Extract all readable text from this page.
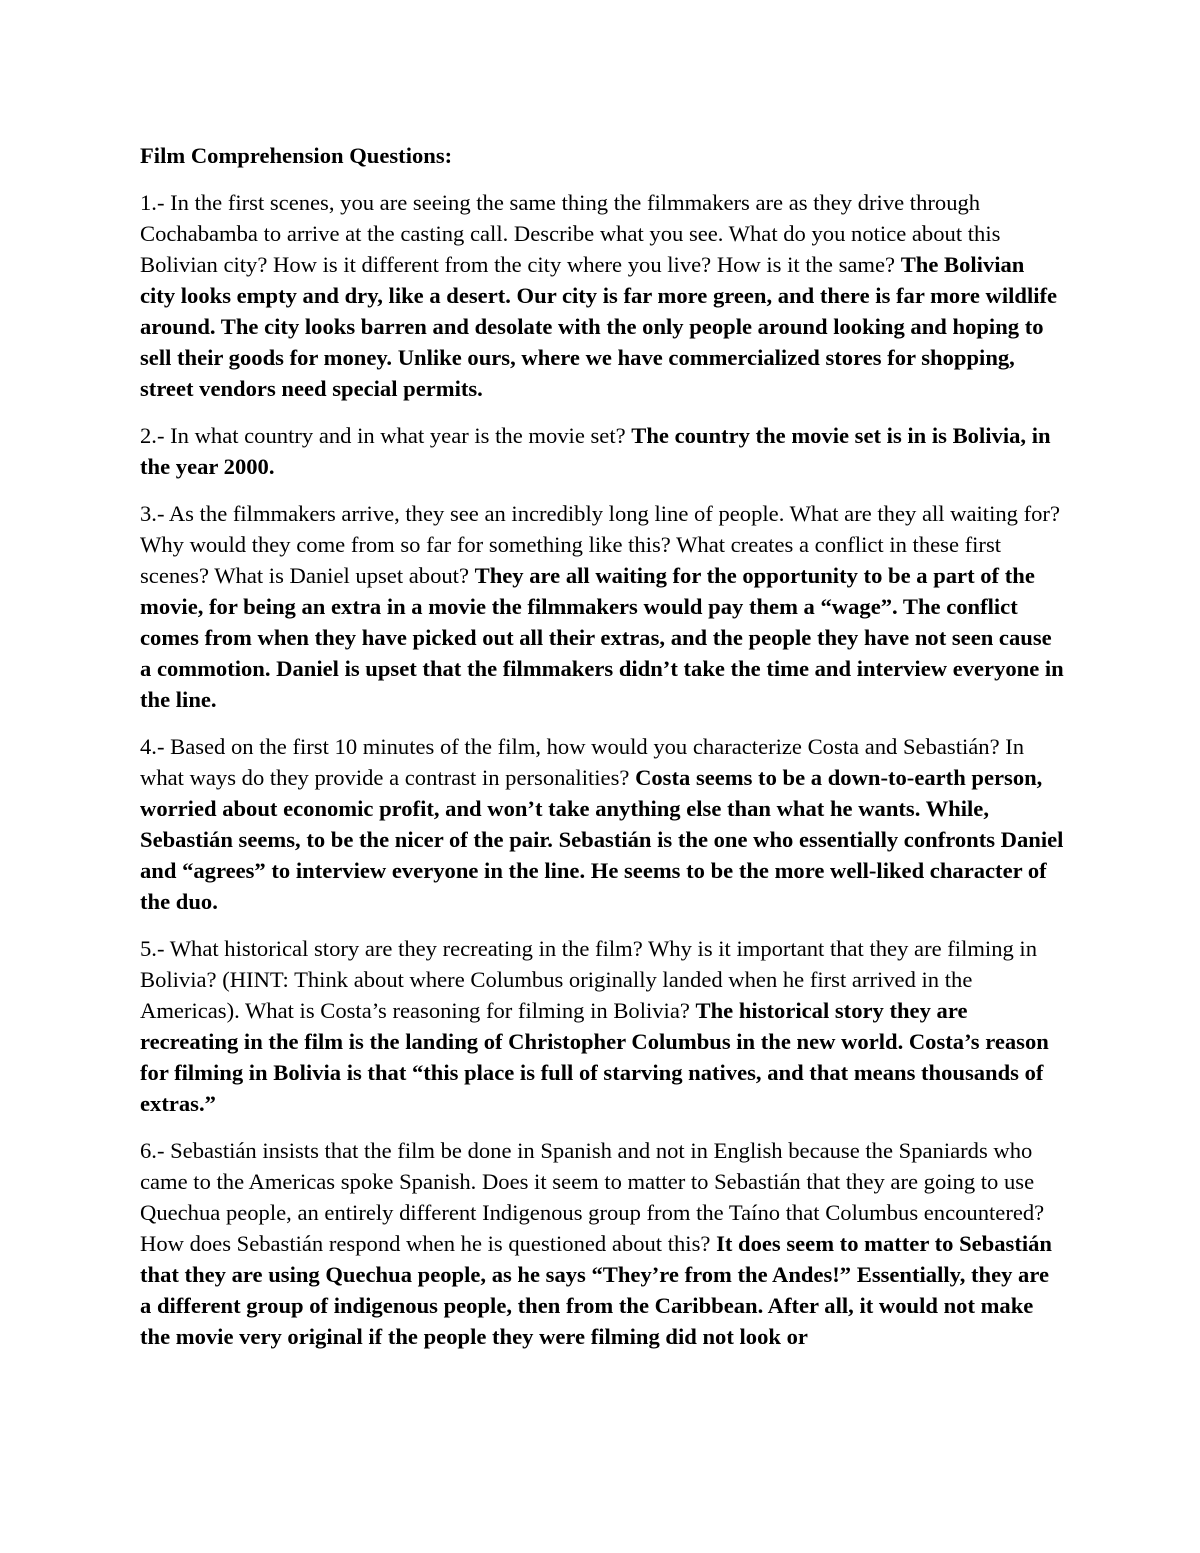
Film Comprehension Questions:
1.- In the first scenes, you are seeing the same thing the filmmakers are as they drive through Cochabamba to arrive at the casting call. Describe what you see. What do you notice about this Bolivian city? How is it different from the city where you live? How is it the same? The Bolivian city looks empty and dry, like a desert. Our city is far more green, and there is far more wildlife around. The city looks barren and desolate with the only people around looking and hoping to sell their goods for money. Unlike ours, where we have commercialized stores for shopping, street vendors need special permits.
2.- In what country and in what year is the movie set? The country the movie set is in is Bolivia, in the year 2000.
3.- As the filmmakers arrive, they see an incredibly long line of people. What are they all waiting for? Why would they come from so far for something like this? What creates a conflict in these first scenes? What is Daniel upset about? They are all waiting for the opportunity to be a part of the movie, for being an extra in a movie the filmmakers would pay them a “wage”. The conflict comes from when they have picked out all their extras, and the people they have not seen cause a commotion. Daniel is upset that the filmmakers didn’t take the time and interview everyone in the line.
4.- Based on the first 10 minutes of the film, how would you characterize Costa and Sebastián? In what ways do they provide a contrast in personalities? Costa seems to be a down-to-earth person, worried about economic profit, and won’t take anything else than what he wants. While, Sebastián seems, to be the nicer of the pair. Sebastián is the one who essentially confronts Daniel and “agrees” to interview everyone in the line. He seems to be the more well-liked character of the duo.
5.- What historical story are they recreating in the film? Why is it important that they are filming in Bolivia? (HINT: Think about where Columbus originally landed when he first arrived in the Americas). What is Costa’s reasoning for filming in Bolivia? The historical story they are recreating in the film is the landing of Christopher Columbus in the new world. Costa’s reason for filming in Bolivia is that “this place is full of starving natives, and that means thousands of extras.”
6.- Sebastián insists that the film be done in Spanish and not in English because the Spaniards who came to the Americas spoke Spanish. Does it seem to matter to Sebastián that they are going to use Quechua people, an entirely different Indigenous group from the Taíno that Columbus encountered? How does Sebastián respond when he is questioned about this? It does seem to matter to Sebastián that they are using Quechua people, as he says “They’re from the Andes!” Essentially, they are a different group of indigenous people, then from the Caribbean. After all, it would not make the movie very original if the people they were filming did not look or
